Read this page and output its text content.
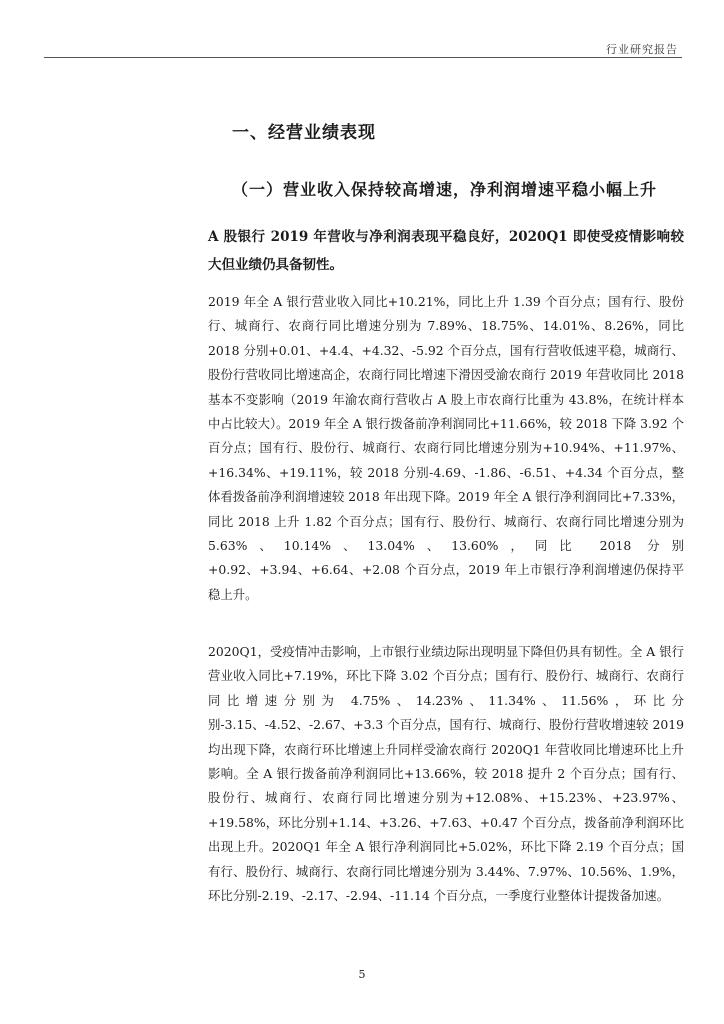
行业研究报告
一、经营业绩表现
（一）营业收入保持较高增速，净利润增速平稳小幅上升
A 股银行 2019 年营收与净利润表现平稳良好，2020Q1 即使受疫情影响较大但业绩仍具备韧性。
2019 年全 A 银行营业收入同比+10.21%，同比上升 1.39 个百分点；国有行、股份行、城商行、农商行同比增速分别为 7.89%、18.75%、14.01%、8.26%，同比 2018 分别+0.01、+4.4、+4.32、-5.92 个百分点，国有行营收低速平稳，城商行、股份行营收同比增速高企，农商行同比增速下滑因受渝农商行 2019 年营收同比 2018 基本不变影响（2019 年渝农商行营收占 A 股上市农商行比重为 43.8%，在统计样本中占比较大）。2019 年全 A 银行拨备前净利润同比+11.66%，较 2018 下降 3.92 个百分点；国有行、股份行、城商行、农商行同比增速分别为+10.94%、+11.97%、+16.34%、+19.11%，较 2018 分别-4.69、-1.86、-6.51、+4.34 个百分点，整体看拨备前净利润增速较 2018 年出现下降。2019 年全 A 银行净利润同比+7.33%，同比 2018 上升 1.82 个百分点；国有行、股份行、城商行、农商行同比增速分别为 5.63%、10.14%、13.04%、13.60%，同比 2018 分别+0.92、+3.94、+6.64、+2.08 个百分点，2019 年上市银行净利润增速仍保持平稳上升。
2020Q1，受疫情冲击影响，上市银行业绩边际出现明显下降但仍具有韧性。全 A 银行营业收入同比+7.19%，环比下降 3.02 个百分点；国有行、股份行、城商行、农商行同比增速分别为 4.75%、14.23%、11.34%、11.56%，环比分别-3.15、-4.52、-2.67、+3.3 个百分点，国有行、城商行、股份行营收增速较 2019 均出现下降，农商行环比增速上升同样受渝农商行 2020Q1 年营收同比增速环比上升影响。全 A 银行拨备前净利润同比+13.66%，较 2018 提升 2 个百分点；国有行、股份行、城商行、农商行同比增速分别为+12.08%、+15.23%、+23.97%、+19.58%，环比分别+1.14、+3.26、+7.63、+0.47 个百分点，拨备前净利润环比出现上升。2020Q1 年全 A 银行净利润同比+5.02%，环比下降 2.19 个百分点；国有行、股份行、城商行、农商行同比增速分别为 3.44%、7.97%、10.56%、1.9%，环比分别-2.19、-2.17、-2.94、-11.14 个百分点，一季度行业整体计提拨备加速。
5
